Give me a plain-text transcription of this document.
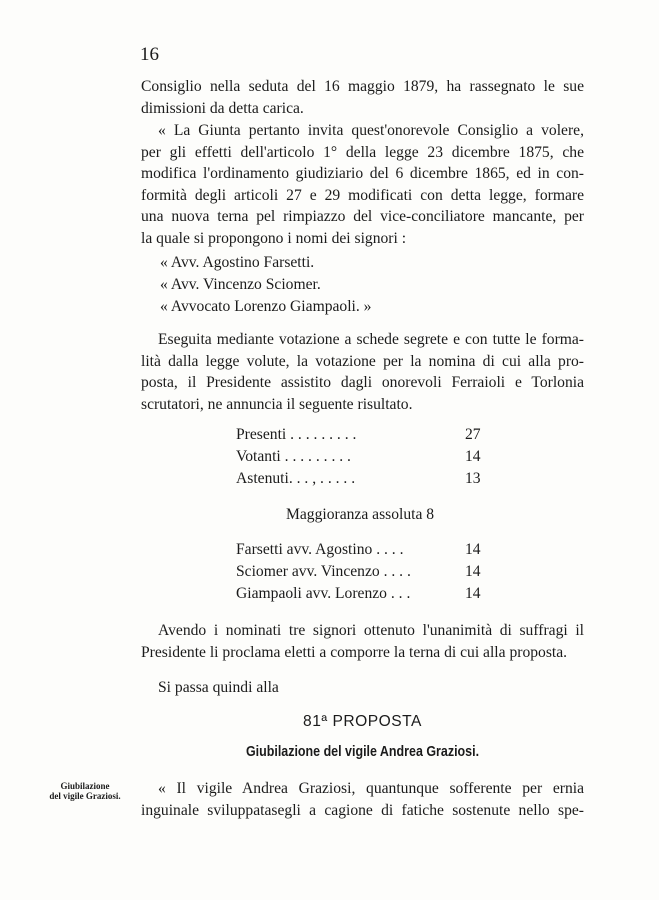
16
Consiglio nella seduta del 16 maggio 1879, ha rassegnato le sue
dimissioni da detta carica.
« La Giunta pertanto invita quest'onorevole Consiglio a volere,
per gli effetti dell'articolo 1° della legge 23 dicembre 1875, che
modifica l'ordinamento giudiziario del 6 dicembre 1865, ed in con-
formità degli articoli 27 e 29 modificati con detta legge, formare
una nuova terna pel rimpiazzo del vice-conciliatore mancante, per
la quale si propongono i nomi dei signori :
« Avv. Agostino Farsetti.
« Avv. Vincenzo Sciomer.
« Avvocato Lorenzo Giampaoli. »
Eseguita mediante votazione a schede segrete e con tutte le forma-
lità dalla legge volute, la votazione per la nomina di cui alla pro-
posta, il Presidente assistito dagli onorevoli Ferraioli e Torlonia
scrutatori, ne annuncia il seguente risultato.
Presenti . . . . . . . . .	27
Votanti . . . . . . . . .	14
Astenuti. . . , . . . . .	13
Maggioranza assoluta 8
Farsetti avv. Agostino . . . .	14
Sciomer avv. Vincenzo . . . .	14
Giampaoli avv. Lorenzo . . .	14
Avendo i nominati tre signori ottenuto l'unanimità di suffragi il
Presidente li proclama eletti a comporre la terna di cui alla proposta.
Si passa quindi alla
81ª PROPOSTA
Giubilazione del vigile Andrea Graziosi.
Giubilazione
del vigile Graziosi.	« Il vigile Andrea Graziosi, quantunque sofferente per ernia
inguinale sviluppatasegli a cagione di fatiche sostenute nello spe-
